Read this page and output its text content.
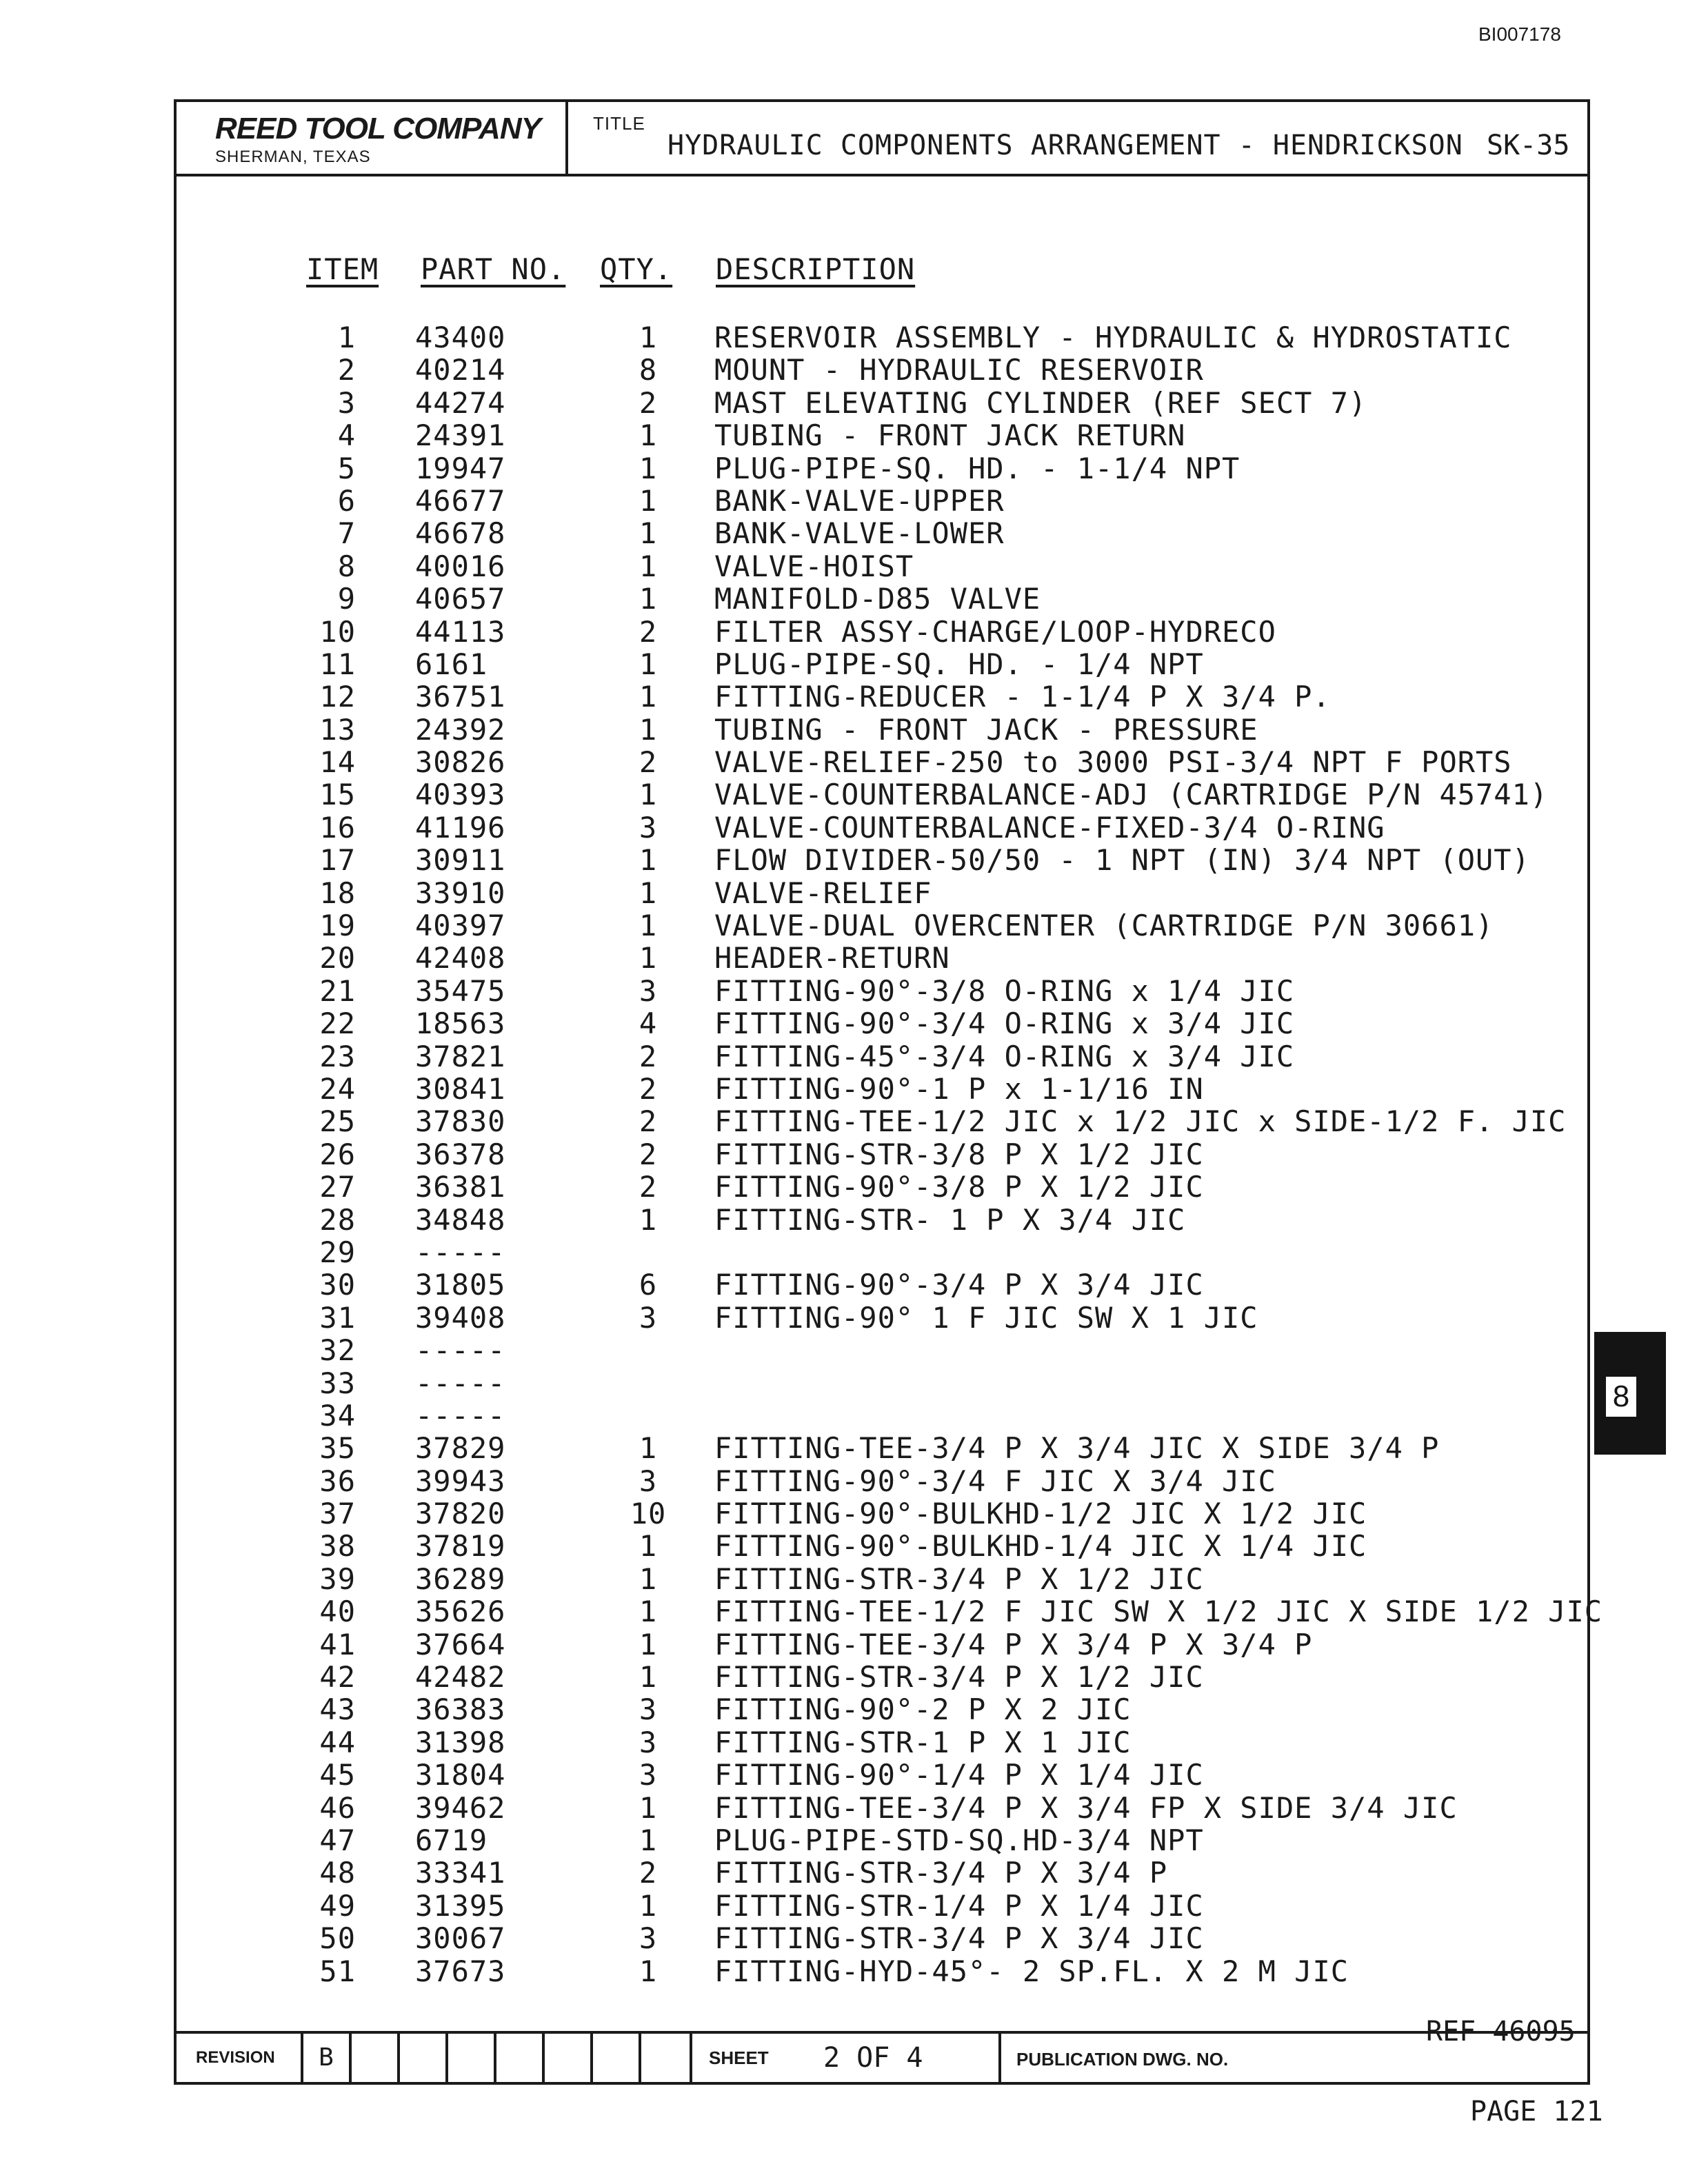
BI007178
REED TOOL COMPANY
SHERMAN, TEXAS
TITLE
HYDRAULIC COMPONENTS ARRANGEMENT - HENDRICKSON SK-35
ITEM PART NO. QTY. DESCRIPTION
1 43400	1	RESERVOIR ASSEMBLY - HYDRAULIC & HYDROSTATIC
2 40214	8	MOUNT - HYDRAULIC RESERVOIR
3 44274	2	MAST ELEVATING CYLINDER (REF SECT 7)
4 24391	1	TUBING - FRONT JACK RETURN
5 19947	1	PLUG-PIPE-SQ. HD. - 1-1/4 NPT
6 46677	1	BANK-VALVE-UPPER
7 46678	1	BANK-VALVE-LOWER
8 40016	1	VALVE-HOIST
9 40657	1	MANIFOLD-D85 VALVE
10 44113	2	FILTER ASSY-CHARGE/LOOP-HYDRECO
11 6161	1	PLUG-PIPE-SQ. HD. - 1/4 NPT
12 36751	1	FITTING-REDUCER - 1-1/4 P X 3/4 P.
13 24392	1	TUBING - FRONT JACK - PRESSURE
14 30826	2	VALVE-RELIEF-250 to 3000 PSI-3/4 NPT F PORTS
15 40393	1	VALVE-COUNTERBALANCE-ADJ (CARTRIDGE P/N 45741)
16 41196	3	VALVE-COUNTERBALANCE-FIXED-3/4 O-RING
17 30911	1	FLOW DIVIDER-50/50 - 1 NPT (IN) 3/4 NPT (OUT)
18 33910	1	VALVE-RELIEF
19 40397	1	VALVE-DUAL OVERCENTER (CARTRIDGE P/N 30661)
20 42408	1	HEADER-RETURN
21 35475	3	FITTING-90°-3/8 O-RING x 1/4 JIC
22 18563	4	FITTING-90°-3/4 O-RING x 3/4 JIC
23 37821	2	FITTING-45°-3/4 O-RING x 3/4 JIC
24 30841	2	FITTING-90°-1 P x 1-1/16 IN
25 37830	2	FITTING-TEE-1/2 JIC x 1/2 JIC x SIDE-1/2 F. JIC
26 36378	2	FITTING-STR-3/8 P X 1/2 JIC
27 36381	2	FITTING-90°-3/8 P X 1/2 JIC
28 34848	1	FITTING-STR- 1 P X 3/4 JIC
29 -----
30 31805	6	FITTING-90°-3/4 P X 3/4 JIC
31 39408	3	FITTING-90° 1 F JIC SW X 1 JIC
32 -----
33 -----
34 -----
35 37829	1	FITTING-TEE-3/4 P X 3/4 JIC X SIDE 3/4 P
36 39943	3	FITTING-90°-3/4 F JIC X 3/4 JIC
37 37820	10	FITTING-90°-BULKHD-1/2 JIC X 1/2 JIC
38 37819	1	FITTING-90°-BULKHD-1/4 JIC X 1/4 JIC
39 36289	1	FITTING-STR-3/4 P X 1/2 JIC
40 35626	1	FITTING-TEE-1/2 F JIC SW X 1/2 JIC X SIDE 1/2 JIC
41 37664	1	FITTING-TEE-3/4 P X 3/4 P X 3/4 P
42 42482	1	FITTING-STR-3/4 P X 1/2 JIC
43 36383	3	FITTING-90°-2 P X 2 JIC
44 31398	3	FITTING-STR-1 P X 1 JIC
45 31804	3	FITTING-90°-1/4 P X 1/4 JIC
46 39462	1	FITTING-TEE-3/4 P X 3/4 FP X SIDE 3/4 JIC
47 6719	1	PLUG-PIPE-STD-SQ.HD-3/4 NPT
48 33341	2	FITTING-STR-3/4 P X 3/4 P
49 31395	1	FITTING-STR-1/4 P X 1/4 JIC
50 30067	3	FITTING-STR-3/4 P X 3/4 JIC
51 37673	1	FITTING-HYD-45°- 2 SP.FL. X 2 M JIC
REF 46095
REVISION	B	SHEET 2 OF 4	PUBLICATION DWG. NO.
PAGE 121
8
